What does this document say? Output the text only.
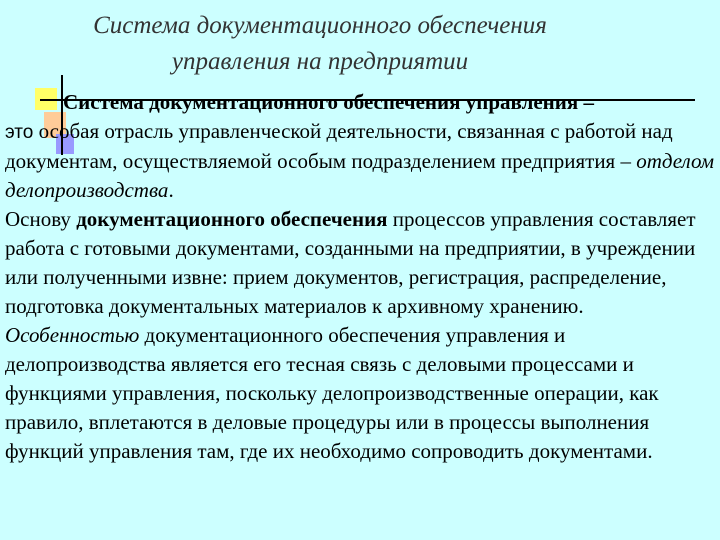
Система документационного обеспечения
управления на предприятии

Система документационного обеспечения управления –
это особая отрасль управленческой деятельности, связанная с работой над документам, осуществляемой особым подразделением предприятия – отделом делопроизводства.

Основу документационного обеспечения процессов управления составляет работа с готовыми документами, созданными на предприятии, в учреждении или полученными извне: прием документов, регистрация, распределение, подготовка документальных материалов к архивному хранению.

Особенностью документационного обеспечения управления и делопроизводства является его тесная связь с деловыми процессами и функциями управления, поскольку делопроизводственные операции, как правило, вплетаются в деловые процедуры или в процессы выполнения функций управления там, где их необходимо сопроводить документами.
